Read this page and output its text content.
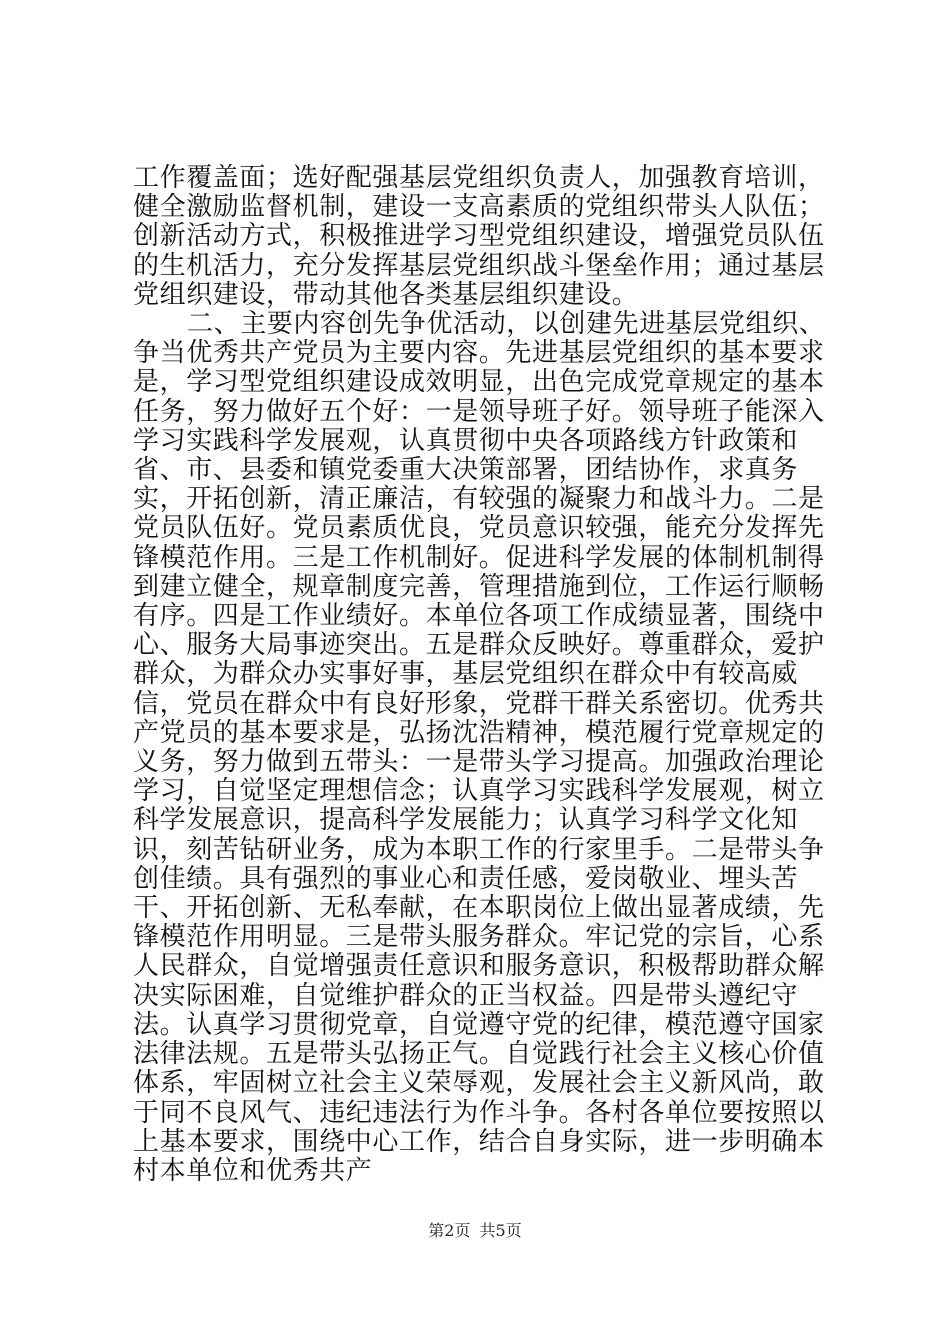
工作覆盖面；选好配强基层党组织负责人，加强教育培训，健全激励监督机制，建设一支高素质的党组织带头人队伍；创新活动方式，积极推进学习型党组织建设，增强党员队伍的生机活力，充分发挥基层党组织战斗堡垒作用；通过基层党组织建设，带动其他各类基层组织建设。

二、主要内容创先争优活动，以创建先进基层党组织、争当优秀共产党员为主要内容。先进基层党组织的基本要求是，学习型党组织建设成效明显，出色完成党章规定的基本任务，努力做好五个好：一是领导班子好。领导班子能深入学习实践科学发展观，认真贯彻中央各项路线方针政策和省、市、县委和镇党委重大决策部署，团结协作，求真务实，开拓创新，清正廉洁，有较强的凝聚力和战斗力。二是党员队伍好。党员素质优良，党员意识较强，能充分发挥先锋模范作用。三是工作机制好。促进科学发展的体制机制得到建立健全，规章制度完善，管理措施到位，工作运行顺畅有序。四是工作业绩好。本单位各项工作成绩显著，围绕中心、服务大局事迹突出。五是群众反映好。尊重群众，爱护群众，为群众办实事好事，基层党组织在群众中有较高威信，党员在群众中有良好形象，党群干群关系密切。优秀共产党员的基本要求是，弘扬沈浩精神，模范履行党章规定的义务，努力做到五带头：一是带头学习提高。加强政治理论学习，自觉坚定理想信念；认真学习实践科学发展观，树立科学发展意识，提高科学发展能力；认真学习科学文化知识，刻苦钻研业务，成为本职工作的行家里手。二是带头争创佳绩。具有强烈的事业心和责任感，爱岗敬业、埋头苦干、开拓创新、无私奉献，在本职岗位上做出显著成绩，先锋模范作用明显。三是带头服务群众。牢记党的宗旨，心系人民群众，自觉增强责任意识和服务意识，积极帮助群众解决实际困难，自觉维护群众的正当权益。四是带头遵纪守法。认真学习贯彻党章，自觉遵守党的纪律，模范遵守国家法律法规。五是带头弘扬正气。自觉践行社会主义核心价值体系，牢固树立社会主义荣辱观，发展社会主义新风尚，敢于同不良风气、违纪违法行为作斗争。各村各单位要按照以上基本要求，围绕中心工作，结合自身实际，进一步明确本村本单位和优秀共产

第2页 共5页
